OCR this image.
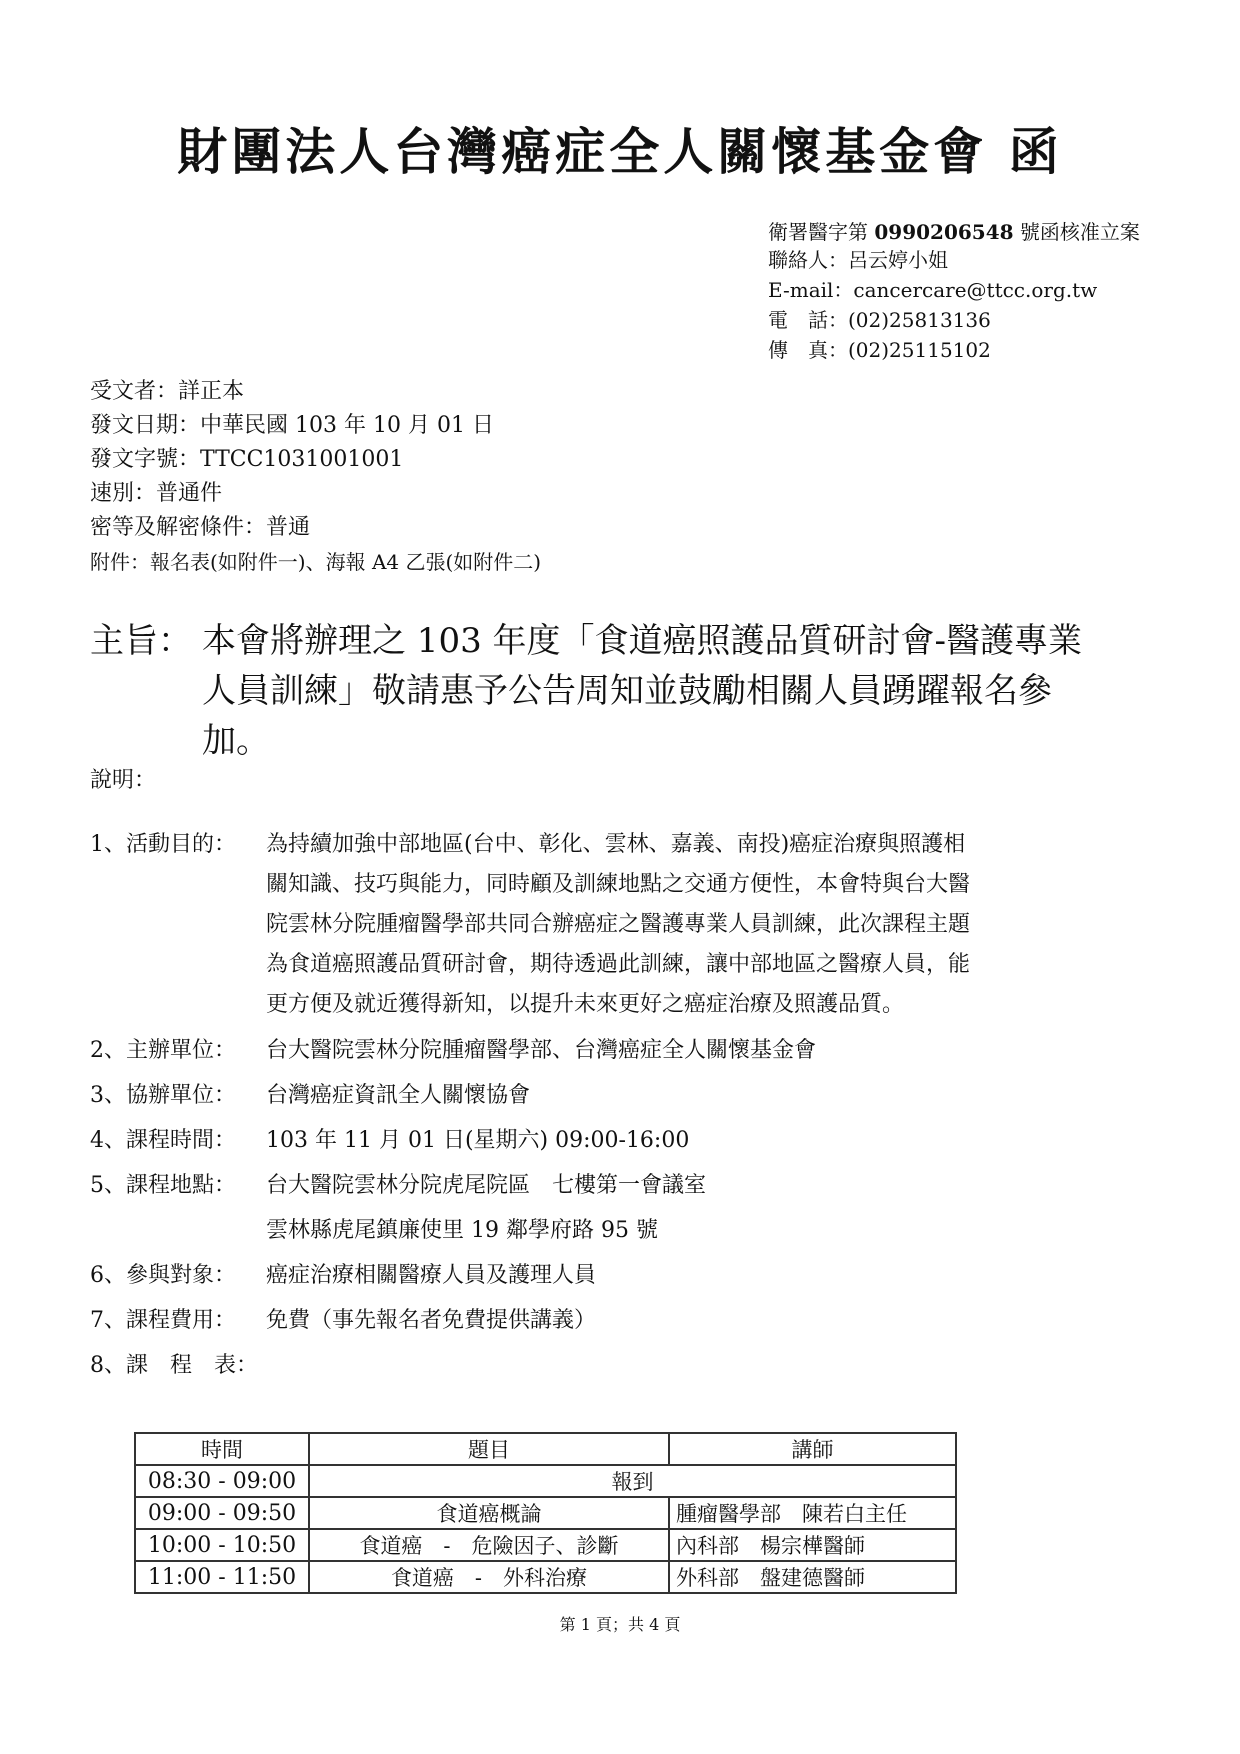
財團法人台灣癌症全人關懷基金會 函
衛署醫字第 0990206548 號函核准立案
聯絡人：呂云婷小姐
E-mail：cancercare@ttcc.org.tw
電　話：(02)25813136
傳　真：(02)25115102
受文者：詳正本
發文日期：中華民國 103 年 10 月 01 日
發文字號：TTCC1031001001
速別：普通件
密等及解密條件：普通
附件：報名表(如附件一)、海報 A4 乙張(如附件二)
主旨： 本會將辦理之 103 年度「食道癌照護品質研討會-醫護專業
人員訓練」敬請惠予公告周知並鼓勵相關人員踴躍報名參
加。
說明：
1、活動目的： 為持續加強中部地區(台中、彰化、雲林、嘉義、南投)癌症治療與照護相
關知識、技巧與能力，同時顧及訓練地點之交通方便性，本會特與台大醫
院雲林分院腫瘤醫學部共同合辦癌症之醫護專業人員訓練，此次課程主題
為食道癌照護品質研討會，期待透過此訓練，讓中部地區之醫療人員，能
更方便及就近獲得新知，以提升未來更好之癌症治療及照護品質。
2、主辦單位： 台大醫院雲林分院腫瘤醫學部、台灣癌症全人關懷基金會
3、協辦單位： 台灣癌症資訊全人關懷協會
4、課程時間： 103 年 11 月 01 日(星期六) 09:00-16:00
5、課程地點： 台大醫院雲林分院虎尾院區　七樓第一會議室
雲林縣虎尾鎮廉使里 19 鄰學府路 95 號
6、參與對象： 癌症治療相關醫療人員及護理人員
7、課程費用： 免費（事先報名者免費提供講義）
8、課　程　表：
時間	題目	講師
08:30 - 09:00	報到	
09:00 - 09:50	食道癌概論	腫瘤醫學部　陳若白主任
10:00 - 10:50	食道癌　-　危險因子、診斷	內科部　楊宗樺醫師
11:00 - 11:50	食道癌　-　外科治療	外科部　盤建德醫師
第 1 頁；共 4 頁
